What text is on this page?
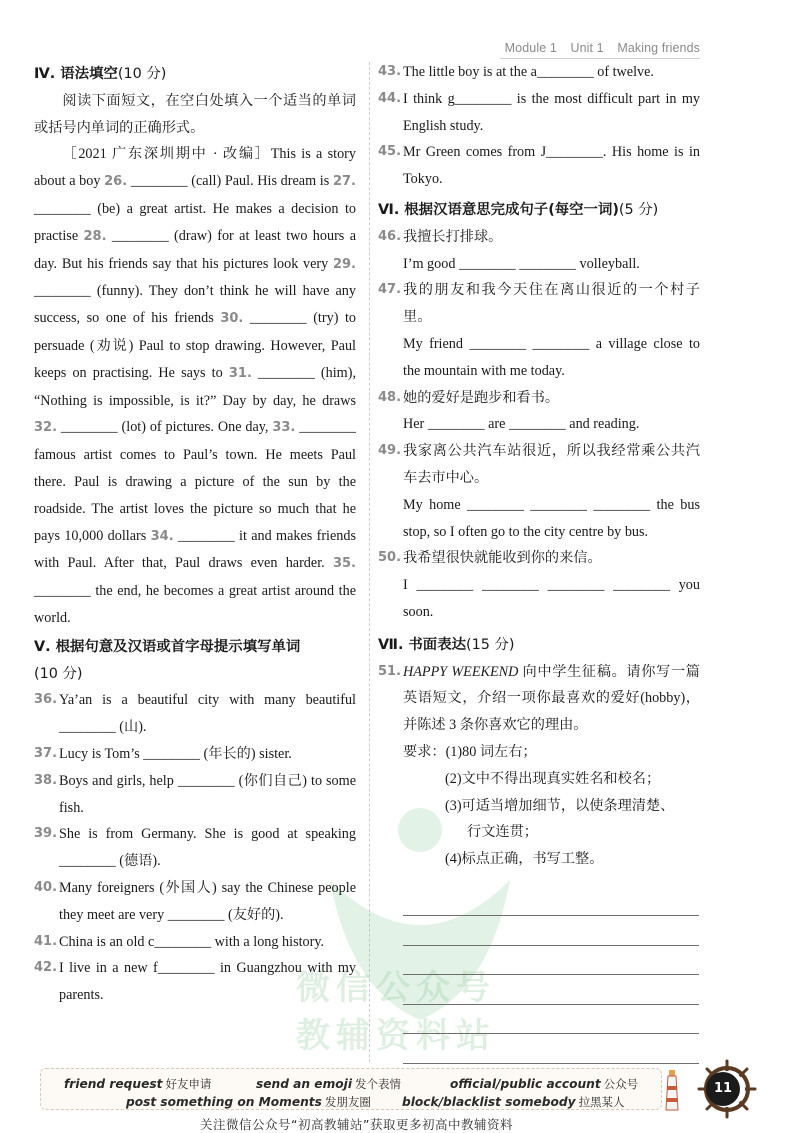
Module 1 Unit 1 Making friends
微信公众号
教辅资料站
Ⅳ. 语法填空(10 分)
阅读下面短文，在空白处填入一个适当的单词或括号内单词的正确形式。
［2021 广东深圳期中 · 改编］This is a story about a boy 26. ________ (call) Paul. His dream is 27. ________ (be) a great artist. He makes a decision to practise 28. ________ (draw) for at least two hours a day. But his friends say that his pictures look very 29. ________ (funny). They don’t think he will have any success, so one of his friends 30. ________ (try) to persuade (劝说) Paul to stop drawing. However, Paul keeps on practising. He says to 31. ________ (him), “Nothing is impossible, is it?” Day by day, he draws 32. ________ (lot) of pictures. One day, 33. ________ famous artist comes to Paul’s town. He meets Paul there. Paul is drawing a picture of the sun by the roadside. The artist loves the picture so much that he pays 10,000 dollars 34. ________ it and makes friends with Paul. After that, Paul draws even harder. 35. ________ the end, he becomes a great artist around the world.
Ⅴ. 根据句意及汉语或首字母提示填写单词
(10 分)
36. Ya’an is a beautiful city with many beautiful ________ (山).
37. Lucy is Tom’s ________ (年长的) sister.
38. Boys and girls, help ________ (你们自己) to some fish.
39. She is from Germany. She is good at speaking ________ (德语).
40. Many foreigners (外国人) say the Chinese people they meet are very ________ (友好的).
41. China is an old c________ with a long history.
42. I live in a new f________ in Guangzhou with my parents.
43. The little boy is at the a________ of twelve.
44. I think g________ is the most difficult part in my English study.
45. Mr Green comes from J________. His home is in Tokyo.
Ⅵ. 根据汉语意思完成句子(每空一词)(5 分)
46. 我擅长打排球。
I’m good ________ ________ volleyball.
47. 我的朋友和我今天住在离山很近的一个村子里。
My friend ________ ________ a village close to the mountain with me today.
48. 她的爱好是跑步和看书。
Her ________ are ________ and reading.
49. 我家离公共汽车站很近，所以我经常乘公共汽车去市中心。
My home ________ ________ ________ the bus stop, so I often go to the city centre by bus.
50. 我希望很快就能收到你的来信。
I ________ ________ ________ ________ you soon.
Ⅶ. 书面表达(15 分)
51. HAPPY WEEKEND 向中学生征稿。请你写一篇英语短文，介绍一项你最喜欢的爱好(hobby)，并陈述 3 条你喜欢它的理由。
要求：(1)80 词左右；
(2)文中不得出现真实姓名和校名；
(3)可适当增加细节，以使条理清楚、
行文连贯；
(4)标点正确，书写工整。
friend request 好友申请	send an emoji 发个表情	official/public account 公众号
post something on Moments 发朋友圈	block/blacklist somebody 拉黑某人
关注微信公众号“初高教辅站”获取更多初高中教辅资料
11
